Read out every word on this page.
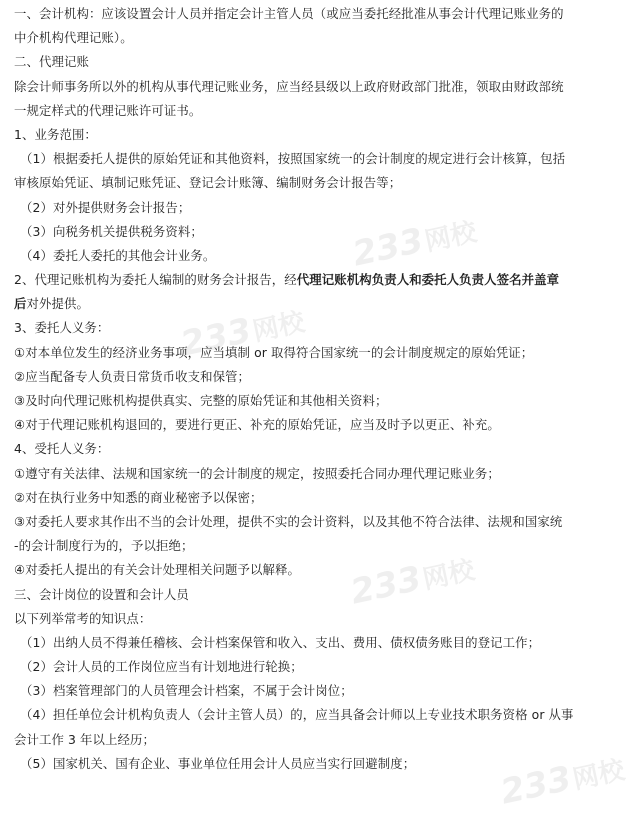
一、会计机构：应该设置会计人员并指定会计主管人员（或应当委托经批准从事会计代理记账业务的
中介机构代理记账）。
二、代理记账
除会计师事务所以外的机构从事代理记账业务，应当经县级以上政府财政部门批准，领取由财政部统
一规定样式的代理记账许可证书。
1、业务范围：
（1）根据委托人提供的原始凭证和其他资料，按照国家统一的会计制度的规定进行会计核算，包括
审核原始凭证、填制记账凭证、登记会计账簿、编制财务会计报告等；
（2）对外提供财务会计报告；
（3）向税务机关提供税务资料；
（4）委托人委托的其他会计业务。
2、代理记账机构为委托人编制的财务会计报告，经代理记账机构负责人和委托人负责人签名并盖章
后对外提供。
3、委托人义务：
①对本单位发生的经济业务事项，应当填制 or 取得符合国家统一的会计制度规定的原始凭证；
②应当配备专人负责日常货币收支和保管；
③及时向代理记账机构提供真实、完整的原始凭证和其他相关资料；
④对于代理记账机构退回的，要进行更正、补充的原始凭证，应当及时予以更正、补充。
4、受托人义务：
①遵守有关法律、法规和国家统一的会计制度的规定，按照委托合同办理代理记账业务；
②对在执行业务中知悉的商业秘密予以保密；
③对委托人要求其作出不当的会计处理，提供不实的会计资料，以及其他不符合法律、法规和国家统
-的会计制度行为的，予以拒绝；
④对委托人提出的有关会计处理相关问题予以解释。
三、会计岗位的设置和会计人员
以下列举常考的知识点：
（1）出纳人员不得兼任稽核、会计档案保管和收入、支出、费用、债权债务账目的登记工作；
（2）会计人员的工作岗位应当有计划地进行轮换；
（3）档案管理部门的人员管理会计档案，不属于会计岗位；
（4）担任单位会计机构负责人（会计主管人员）的，应当具备会计师以上专业技术职务资格 or 从事
会计工作 3 年以上经历；
（5）国家机关、国有企业、事业单位任用会计人员应当实行回避制度；
233网校
233网校
233网校
233网校
